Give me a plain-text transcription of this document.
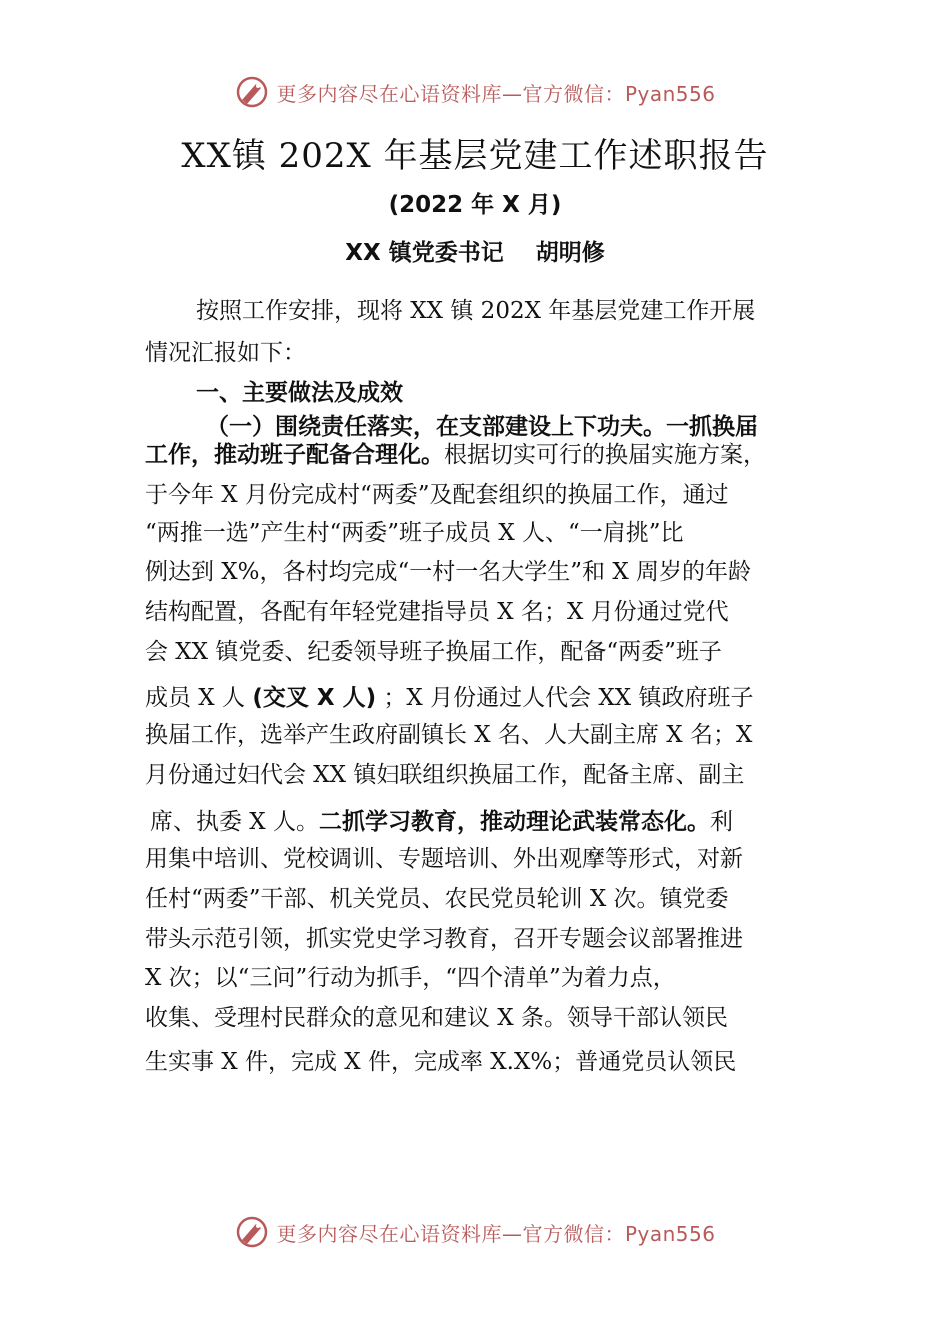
更多内容尽在心语资料库—官方微信：Pyan556
XX镇 202X 年基层党建工作述职报告
(2022 年 X 月)
XX 镇党委书记    胡明修
按照工作安排，现将 XX 镇 202X 年基层党建工作开展
情况汇报如下：
一、主要做法及成效
（一）围绕责任落实，在支部建设上下功夫。一抓换届
工作，推动班子配备合理化。根据切实可行的换届实施方案，
于今年 X 月份完成村“两委”及配套组织的换届工作，通过
“两推一选”产生村“两委”班子成员 X 人、“一肩挑”比
例达到 X%，各村均完成“一村一名大学生”和 X 周岁的年龄
结构配置，各配有年轻党建指导员 X 名；X 月份通过党代
会 XX 镇党委、纪委领导班子换届工作，配备“两委”班子
成员 X 人 (交叉 X 人) ；X 月份通过人代会 XX 镇政府班子
换届工作，选举产生政府副镇长 X 名、人大副主席 X 名；X
月份通过妇代会 XX 镇妇联组织换届工作，配备主席、副主
席、执委 X 人。二抓学习教育，推动理论武装常态化。利
用集中培训、党校调训、专题培训、外出观摩等形式，对新
任村“两委”干部、机关党员、农民党员轮训 X 次。镇党委
带头示范引领，抓实党史学习教育，召开专题会议部署推进
X 次；以“三问”行动为抓手，“四个清单”为着力点，
收集、受理村民群众的意见和建议 X 条。领导干部认领民
生实事 X 件，完成 X 件，完成率 X.X%；普通党员认领民
更多内容尽在心语资料库—官方微信：Pyan556
